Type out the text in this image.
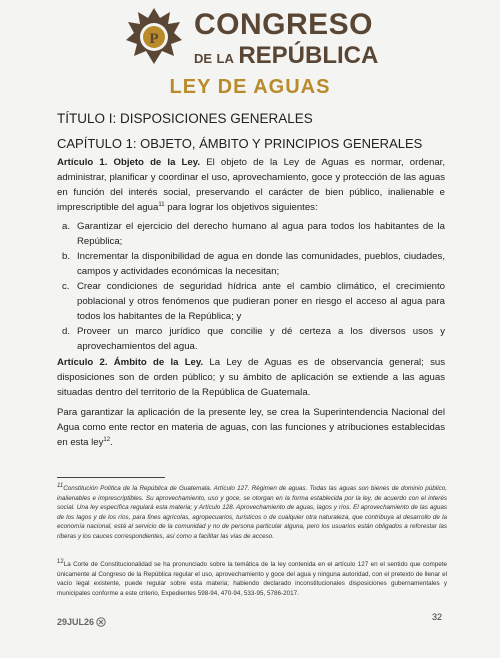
P CONGRESO
DE LA REPÚBLICA
LEY DE AGUAS
TÍTULO I: DISPOSICIONES GENERALES
CAPÍTULO 1: OBJETO, ÁMBITO Y PRINCIPIOS GENERALES
Artículo 1. Objeto de la Ley. El objeto de la Ley de Aguas es normar, ordenar, administrar, planificar y coordinar el uso, aprovechamiento, goce y protección de las aguas en función del interés social, preservando el carácter de bien público, inalienable e imprescriptible del agua$^{11}$ para lograr los objetivos siguientes:
a. Garantizar el ejercicio del derecho humano al agua para todos los habitantes de la República;
b. Incrementar la disponibilidad de agua en donde las comunidades, pueblos, ciudades, campos y actividades económicas la necesitan;
c. Crear condiciones de seguridad hídrica ante el cambio climático, el crecimiento poblacional y otros fenómenos que pudieran poner en riesgo el acceso al agua para todos los habitantes de la República; y
d. Proveer un marco jurídico que concilie y dé certeza a los diversos usos y aprovechamientos del agua.
Artículo 2. Ámbito de la Ley. La Ley de Aguas es de observancia general; sus disposiciones son de orden público; y su ámbito de aplicación se extiende a las aguas situadas dentro del territorio de la República de Guatemala.
Para garantizar la aplicación de la presente ley, se crea la Superintendencia Nacional del Agua como ente rector en materia de aguas, con las funciones y atribuciones establecidas en esta ley$^{12}$.
$^{11}$Constitución Política de la República de Guatemala. Artículo 127. Régimen de aguas. Todas las aguas son bienes de dominio público, inalienables e imprescriptibles. Su aprovechamiento, uso y goce, se otorgan en la forma establecida por la ley, de acuerdo con el interés social. Una ley específica regulará esta materia; y Artículo 128. Aprovechamiento de aguas, lagos y ríos. El aprovechamiento de las aguas de los lagos y de los ríos, para fines agrícolas, agropecuarios, turísticos o de cualquier otra naturaleza, que contribuya al desarrollo de la economía nacional, está al servicio de la comunidad y no de persona particular alguna, pero los usuarios están obligados a reforestar las riberas y los cauces correspondientes, así como a facilitar las vías de acceso.
$^{12}$La Corte de Constitucionalidad se ha pronunciado sobre la temática de la ley contenida en el artículo 127 en el sentido que compete únicamente al Congreso de la República regular el uso, aprovechamiento y goce del agua y ninguna autoridad, con el pretexto de llenar el vacío legal existente, puede regular sobre esta materia; habiendo declarado inconstitucionales disposiciones gubernamentales y municipales conforme a este criterio, Expedientes 598-94, 470-94, 533-95, 5786-2017.
29JUL26	32
